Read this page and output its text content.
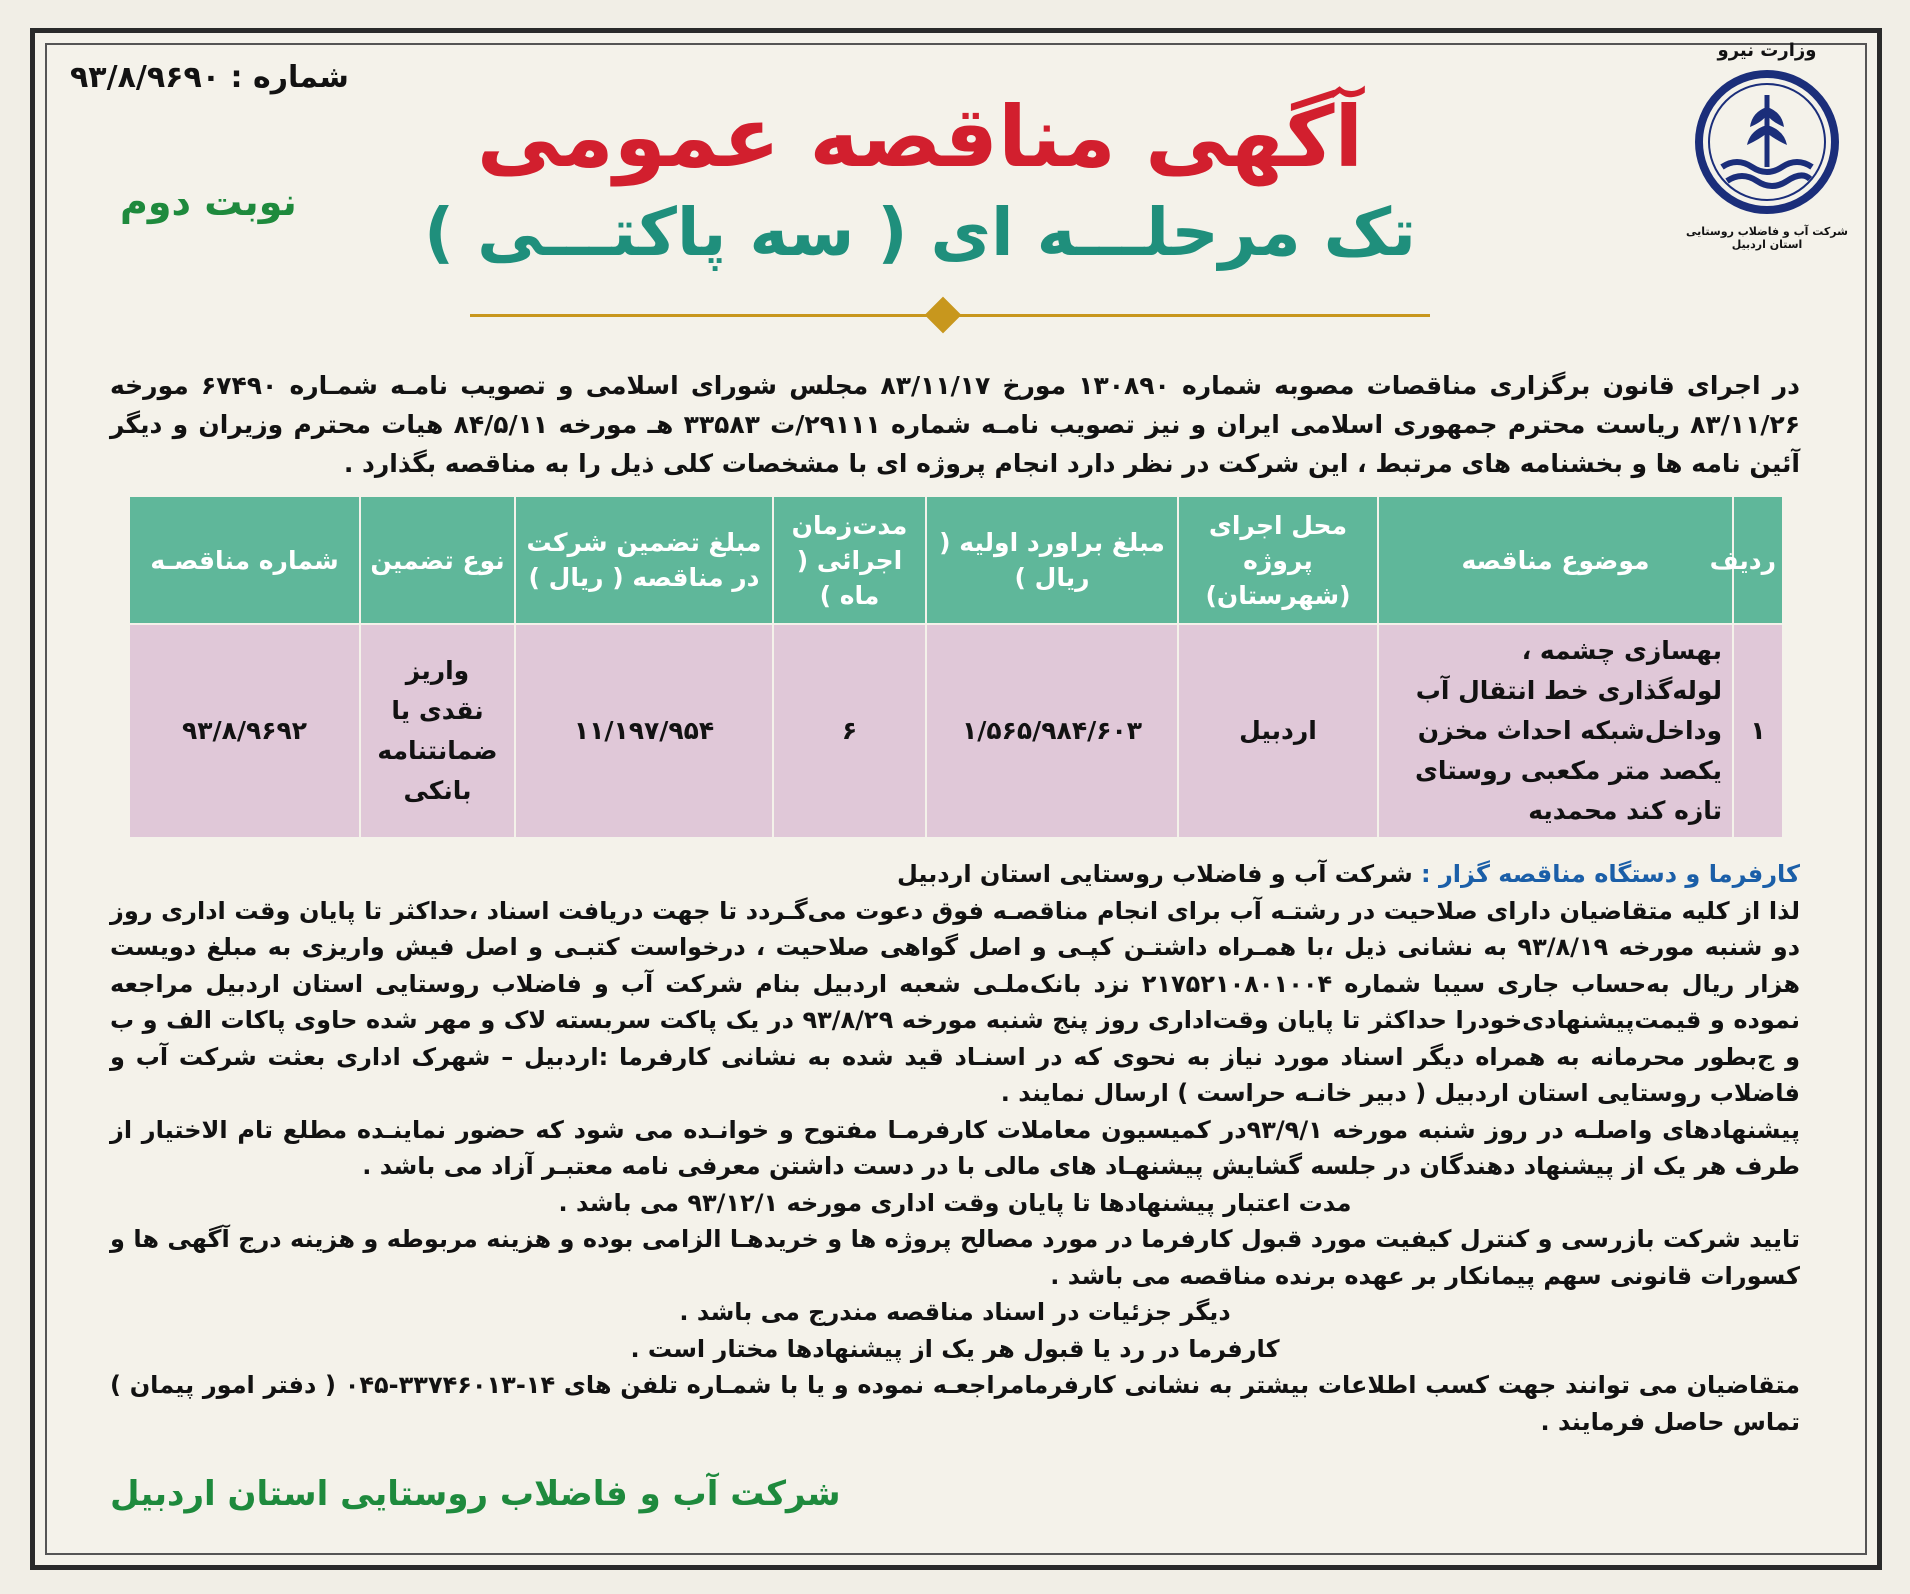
وزارت نیرو
شرکت آب و فاضلاب روستایی استان اردبیل
شماره : ۹۳/۸/۹۶۹۰
نوبت دوم
آگهی مناقصه عمومی
تک مرحلـــه ای ( سه پاکتـــی )
در اجرای قانون برگزاری مناقصات مصوبه شماره ۱۳۰۸۹۰ مورخ ۸۳/۱۱/۱۷ مجلس شورای اسلامی و تصویب نامـه شمـاره ۶۷۴۹۰ مورخه ۸۳/۱۱/۲۶ ریاست محترم جمهوری اسلامی ایران و نیز تصویب نامـه شماره ۲۹۱۱۱/ت ۳۳۵۸۳ هـ مورخه ۸۴/۵/۱۱ هیات محترم وزیران و دیگر آئین نامه ها و بخشنامه های مرتبط ، این شرکت در نظر دارد انجام پروژه ای با مشخصات کلی ذیل را به مناقصه بگذارد .
ردیف	موضوع مناقصه	محل اجرای پروژه (شهرستان)	مبلغ براورد اولیه ( ریال )	مدت‌زمان اجرائی ( ماه )	مبلغ تضمین شرکت در مناقصه ( ریال )	نوع تضمین	شماره مناقصـه
۱	بهسازی چشمه ، لوله‌گذاری خط انتقال آب وداخل‌شبکه احداث مخزن یکصد متر مکعبی روستای تازه کند محمدیه	اردبیل	۱/۵۶۵/۹۸۴/۶۰۳	۶	۱۱/۱۹۷/۹۵۴	واریز نقدی یا ضمانتنامه بانکی	۹۳/۸/۹۶۹۲

کارفرما و دستگاه مناقصه گزار : شرکت آب و فاضلاب روستایی استان اردبیل

لذا از کلیه متقاضیان دارای صلاحیت در رشتـه آب برای انجام مناقصـه فوق دعوت می‌گـردد تا جهت دریافت اسناد ،حداکثر تا پایان وقت اداری روز دو شنبه مورخه ۹۳/۸/۱۹ به نشانی ذیل ،با همـراه داشتـن کپـی و اصل گواهی صلاحیت ، درخواست کتبـی و اصل فیش واریزی به مبلغ دویست هزار ریال به‌حساب جاری سیبا شماره ۲۱۷۵۲۱۰۸۰۱۰۰۴ نزد بانک‌ملـی شعبه اردبیل بنام شرکت آب و فاضلاب روستایی استان اردبیل مراجعه نموده و قیمت‌پیشنهادی‌خودرا حداکثر تا پایان وقت‌اداری روز پنج شنبه مورخه ۹۳/۸/۲۹ در یک پاکت سربسته لاک و مهر شده حاوی پاکات الف و ب و ج‌بطور محرمانه به همراه دیگر اسناد مورد نیاز به نحوی که در اسنـاد قید شده به نشانی کارفرما :اردبیل – شهرک اداری بعثت شرکت آب و فاضلاب روستایی استان اردبیل ( دبیر خانـه حراست ) ارسال نمایند .

پیشنهادهای واصلـه در روز شنبه مورخه ۹۳/۹/۱در کمیسیون معاملات کارفرمـا مفتوح و خوانـده می شود که حضور نماینـده مطلع تام الاختیار از طرف هر یک از پیشنهاد دهندگان در جلسه گشایش پیشنهـاد های مالی با در دست داشتن معرفی نامه معتبـر آزاد می باشد .

مدت اعتبار پیشنهادها تا پایان وقت اداری مورخه ۹۳/۱۲/۱ می باشد .

تایید شرکت بازرسی و کنترل کیفیت مورد قبول کارفرما در مورد مصالح پروژه ها و خریدهـا الزامی بوده و هزینه مربوطه و هزینه درج آگهی ها و کسورات قانونی سهم پیمانکار بر عهده برنده مناقصه می باشد .

دیگر جزئیات در اسناد مناقصه مندرج می باشد .

کارفرما در رد یا قبول هر یک از پیشنهادها مختار است .

متقاضیان می توانند جهت کسب اطلاعات بیشتر به نشانی کارفرمامراجعـه نموده و یا با شمـاره تلفن های ۱۴-۳۳۷۴۶۰۱۳-۰۴۵ ( دفتر امور پیمان ) تماس حاصل فرمایند .

شرکت آب و فاضلاب روستایی استان اردبیل
